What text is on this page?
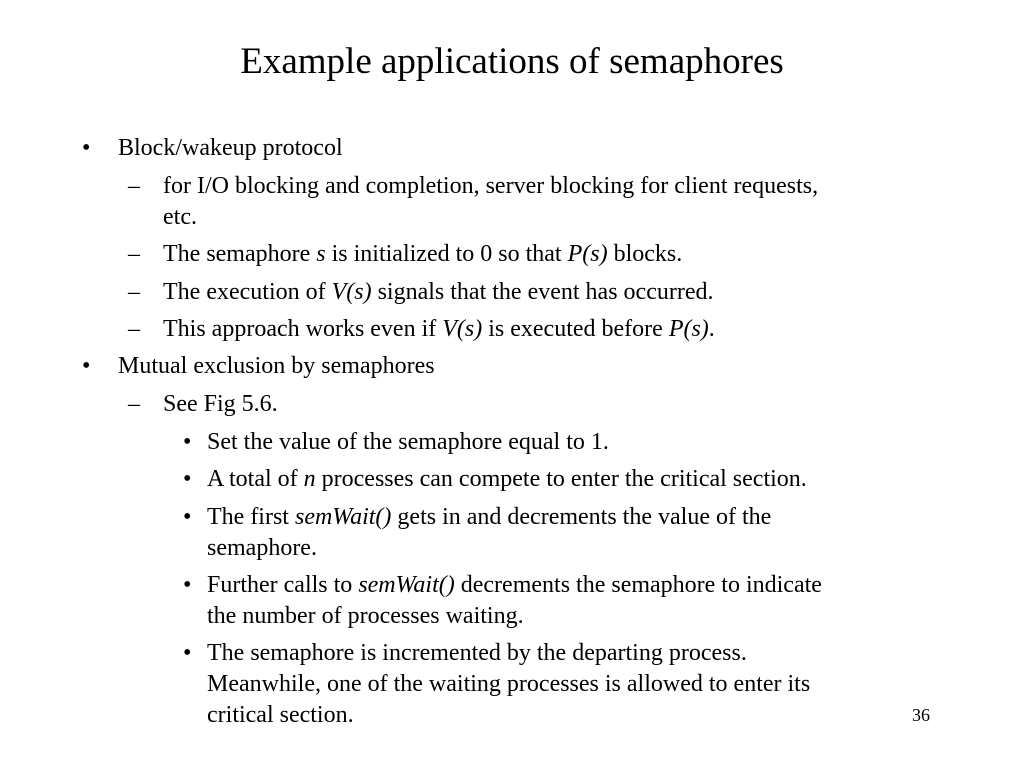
Example applications of semaphores
• Block/wakeup protocol
– for I/O blocking and completion, server blocking for client requests,
etc.
– The semaphore s is initialized to 0 so that P(s) blocks.
– The execution of V(s) signals that the event has occurred.
– This approach works even if V(s) is executed before P(s).
• Mutual exclusion by semaphores
– See Fig 5.6.
• Set the value of the semaphore equal to 1.
• A total of n processes can compete to enter the critical section.
• The first semWait() gets in and decrements the value of the
semaphore.
• Further calls to semWait() decrements the semaphore to indicate
the number of processes waiting.
• The semaphore is incremented by the departing process.
Meanwhile, one of the waiting processes is allowed to enter its
critical section.	36
